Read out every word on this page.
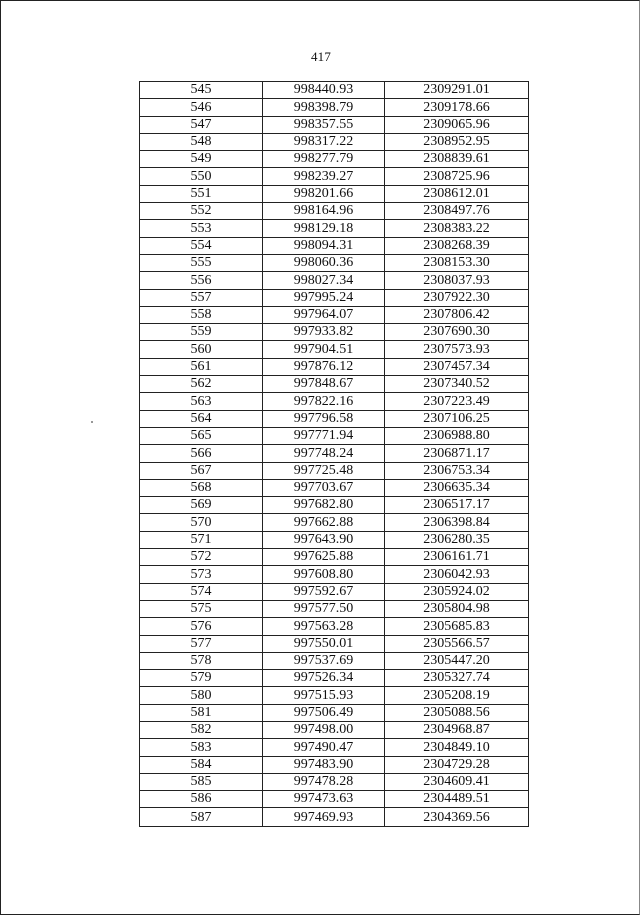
417
545	998440.93	2309291.01
546	998398.79	2309178.66
547	998357.55	2309065.96
548	998317.22	2308952.95
549	998277.79	2308839.61
550	998239.27	2308725.96
551	998201.66	2308612.01
552	998164.96	2308497.76
553	998129.18	2308383.22
554	998094.31	2308268.39
555	998060.36	2308153.30
556	998027.34	2308037.93
557	997995.24	2307922.30
558	997964.07	2307806.42
559	997933.82	2307690.30
560	997904.51	2307573.93
561	997876.12	2307457.34
562	997848.67	2307340.52
563	997822.16	2307223.49
564	997796.58	2307106.25
565	997771.94	2306988.80
566	997748.24	2306871.17
567	997725.48	2306753.34
568	997703.67	2306635.34
569	997682.80	2306517.17
570	997662.88	2306398.84
571	997643.90	2306280.35
572	997625.88	2306161.71
573	997608.80	2306042.93
574	997592.67	2305924.02
575	997577.50	2305804.98
576	997563.28	2305685.83
577	997550.01	2305566.57
578	997537.69	2305447.20
579	997526.34	2305327.74
580	997515.93	2305208.19
581	997506.49	2305088.56
582	997498.00	2304968.87
583	997490.47	2304849.10
584	997483.90	2304729.28
585	997478.28	2304609.41
586	997473.63	2304489.51
587	997469.93	2304369.56
